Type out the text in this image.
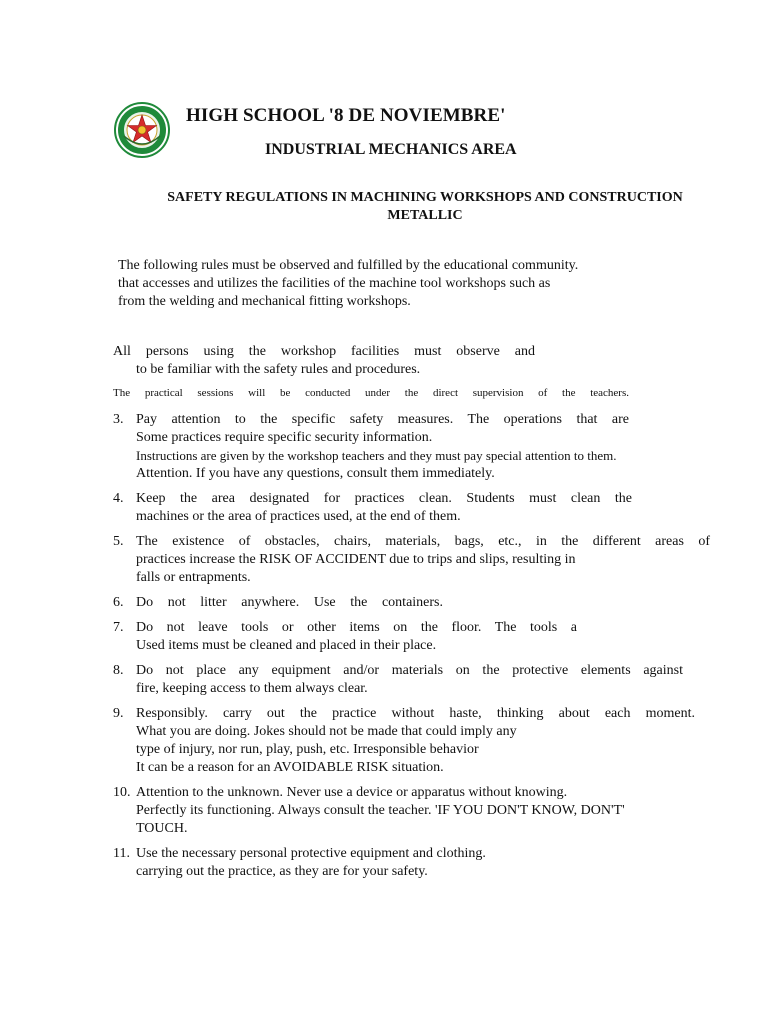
HIGH SCHOOL '8 DE NOVIEMBRE'
INDUSTRIAL MECHANICS AREA
SAFETY REGULATIONS IN MACHINING WORKSHOPS AND CONSTRUCTION
METALLIC
The following rules must be observed and fulfilled by the educational community.
that accesses and utilizes the facilities of the machine tool workshops such as
from the welding and mechanical fitting workshops.
All persons using the workshop facilities must observe and
to be familiar with the safety rules and procedures.
The practical sessions will be conducted under the direct supervision of the teachers.
3. Pay attention to the specific safety measures. The operations that are
Some practices require specific security information.
Instructions are given by the workshop teachers and they must pay special attention to them.
Attention. If you have any questions, consult them immediately.
4. Keep the area designated for practices clean. Students must clean the
machines or the area of practices used, at the end of them.
5. The existence of obstacles, chairs, materials, bags, etc., in the different areas of
practices increase the RISK OF ACCIDENT due to trips and slips, resulting in
falls or entrapments.
6. Do not litter anywhere. Use the containers.
7. Do not leave tools or other items on the floor. The tools a
Used items must be cleaned and placed in their place.
8. Do not place any equipment and/or materials on the protective elements against
fire, keeping access to them always clear.
9. Responsibly. carry out the practice without haste, thinking about each moment.
What you are doing. Jokes should not be made that could imply any
type of injury, nor run, play, push, etc. Irresponsible behavior
It can be a reason for an AVOIDABLE RISK situation.
10. Attention to the unknown. Never use a device or apparatus without knowing.
Perfectly its functioning. Always consult the teacher. 'IF YOU DON'T KNOW, DON'T'
TOUCH.
11. Use the necessary personal protective equipment and clothing.
carrying out the practice, as they are for your safety.
